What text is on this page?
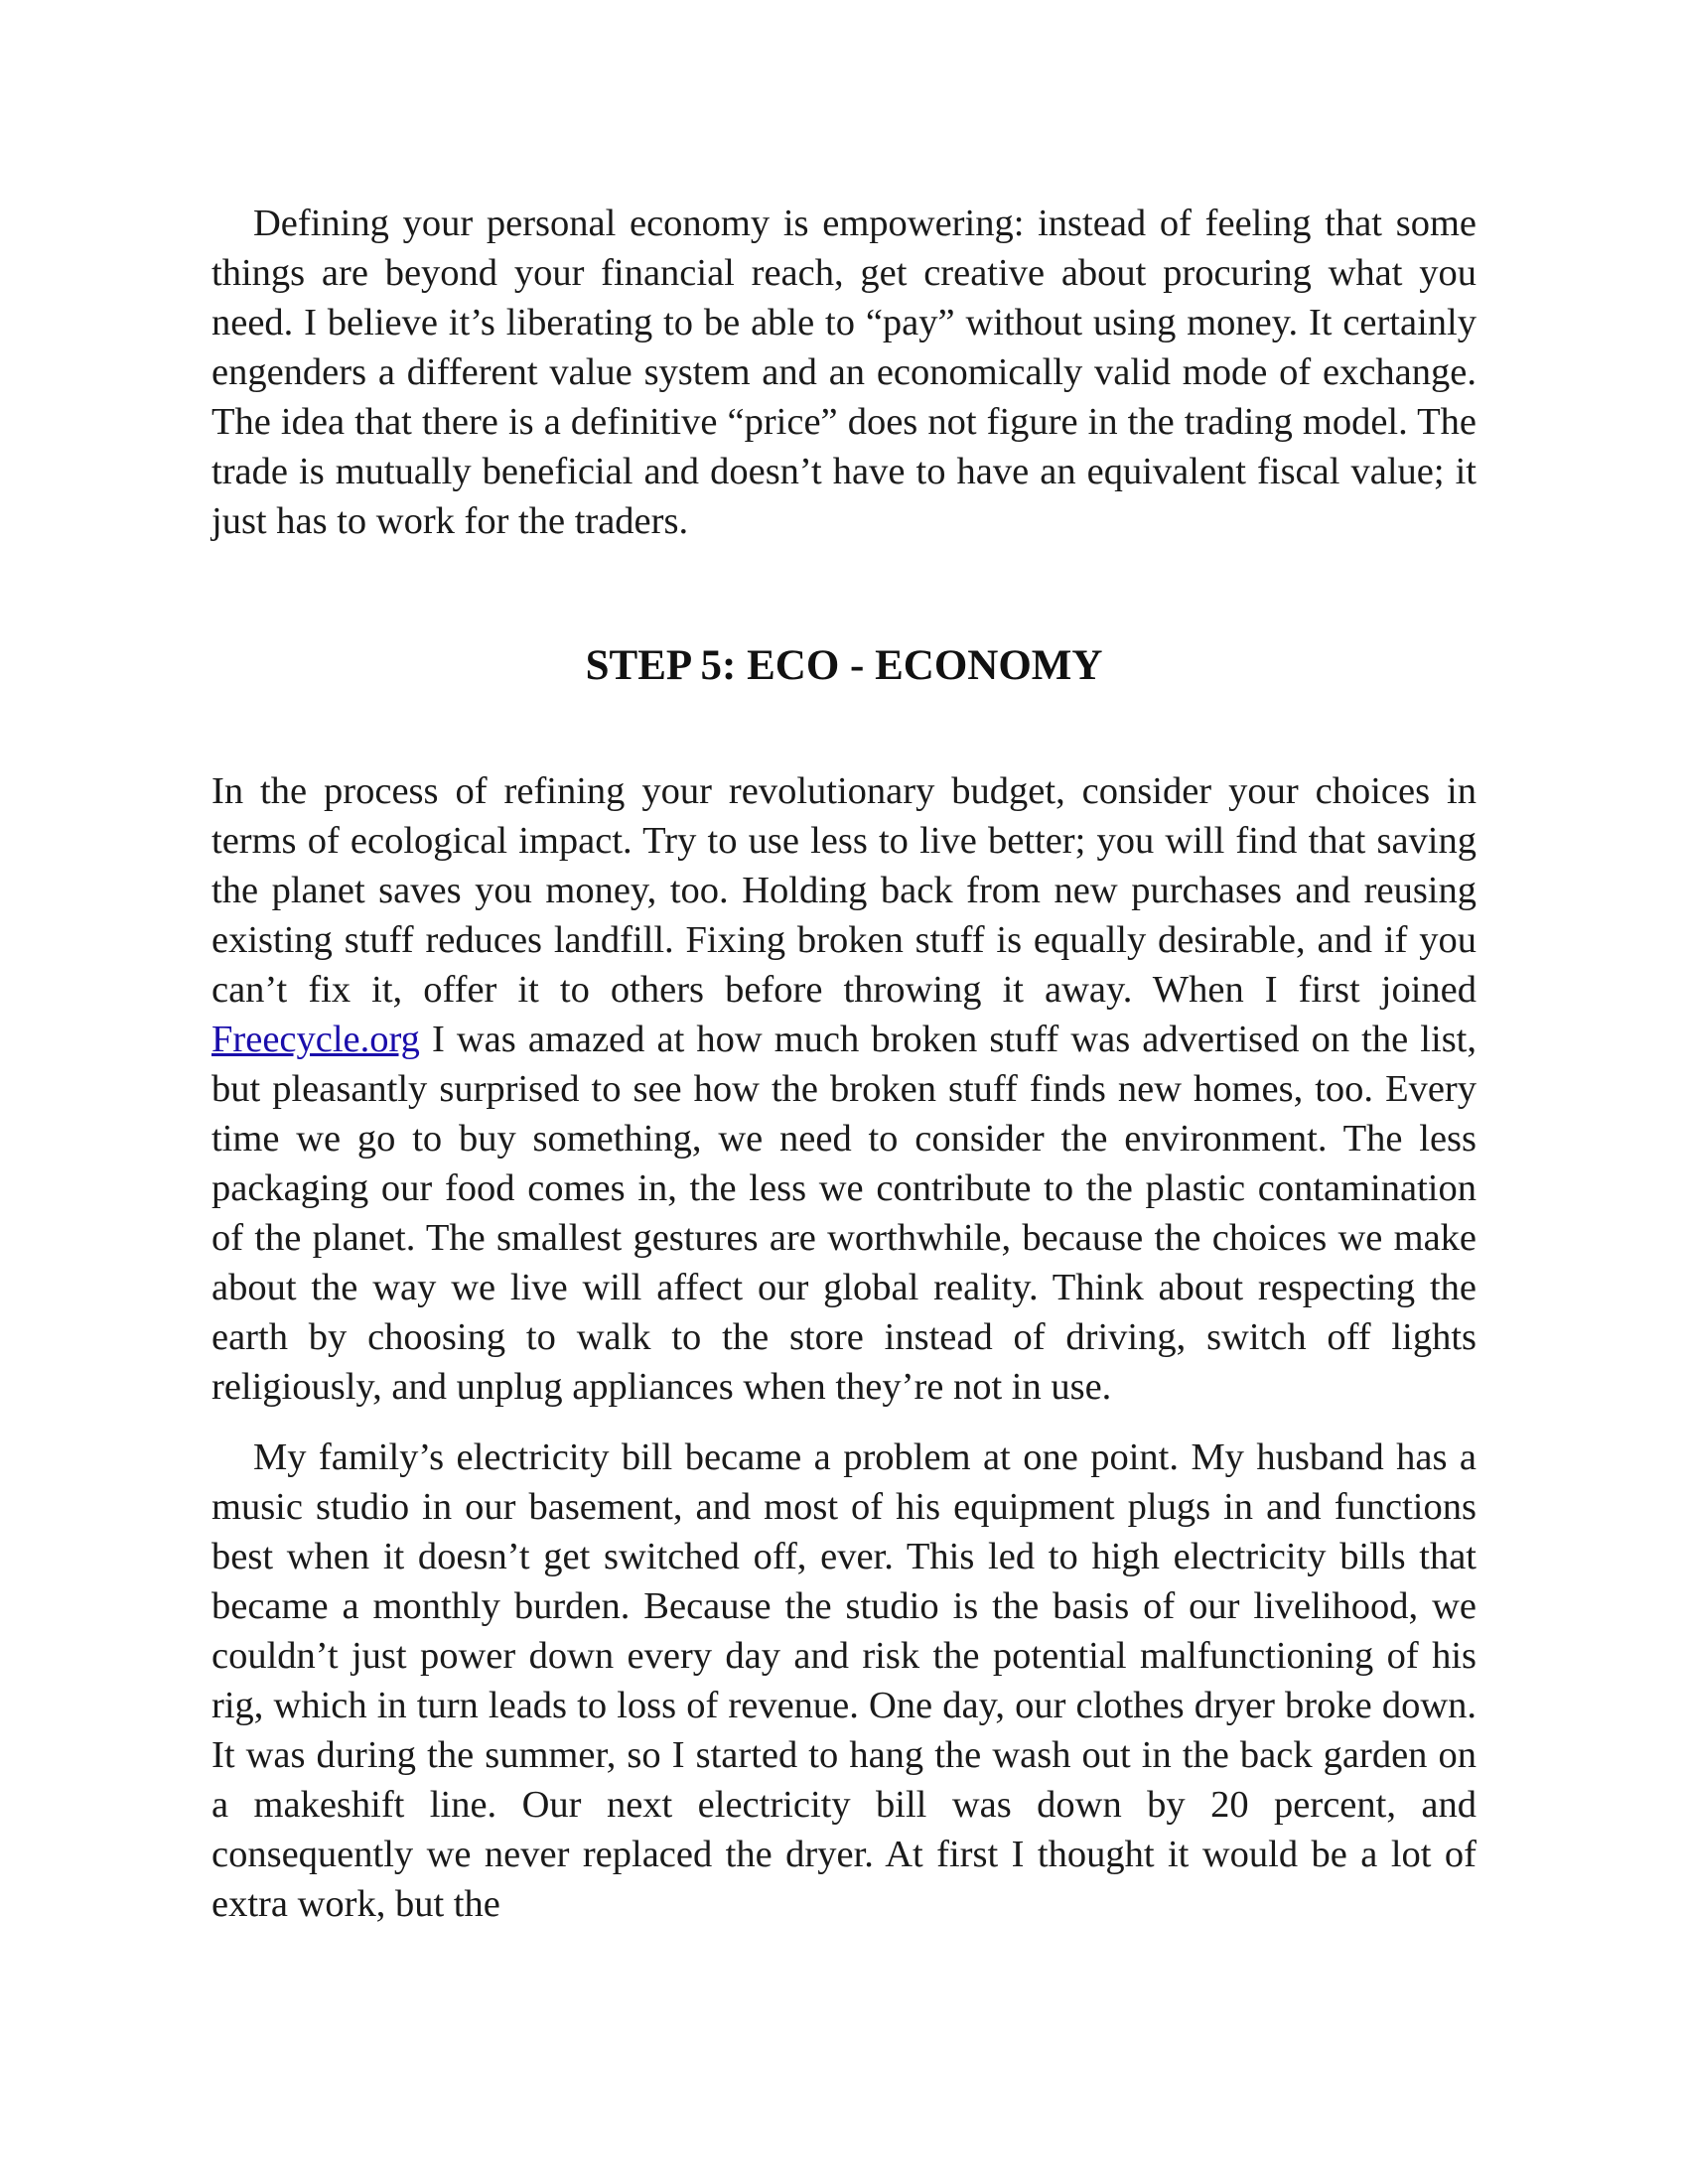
Defining your personal economy is empowering: instead of feeling that some things are beyond your financial reach, get creative about procuring what you need. I believe it’s liberating to be able to “pay” without using money. It certainly engenders a different value system and an economically valid mode of exchange. The idea that there is a definitive “price” does not figure in the trading model. The trade is mutually beneficial and doesn’t have to have an equivalent fiscal value; it just has to work for the traders.

STEP 5: ECO - ECONOMY

In the process of refining your revolutionary budget, consider your choices in terms of ecological impact. Try to use less to live better; you will find that saving the planet saves you money, too. Holding back from new purchases and reusing existing stuff reduces landfill. Fixing broken stuff is equally desirable, and if you can’t fix it, offer it to others before throwing it away. When I first joined Freecycle.org I was amazed at how much broken stuff was advertised on the list, but pleasantly surprised to see how the broken stuff finds new homes, too. Every time we go to buy something, we need to consider the environment. The less packaging our food comes in, the less we contribute to the plastic contamination of the planet. The smallest gestures are worthwhile, because the choices we make about the way we live will affect our global reality. Think about respecting the earth by choosing to walk to the store instead of driving, switch off lights religiously, and unplug appliances when they’re not in use.

My family’s electricity bill became a problem at one point. My husband has a music studio in our basement, and most of his equipment plugs in and functions best when it doesn’t get switched off, ever. This led to high electricity bills that became a monthly burden. Because the studio is the basis of our livelihood, we couldn’t just power down every day and risk the potential malfunctioning of his rig, which in turn leads to loss of revenue. One day, our clothes dryer broke down. It was during the summer, so I started to hang the wash out in the back garden on a makeshift line. Our next electricity bill was down by 20 percent, and consequently we never replaced the dryer. At first I thought it would be a lot of extra work, but the
